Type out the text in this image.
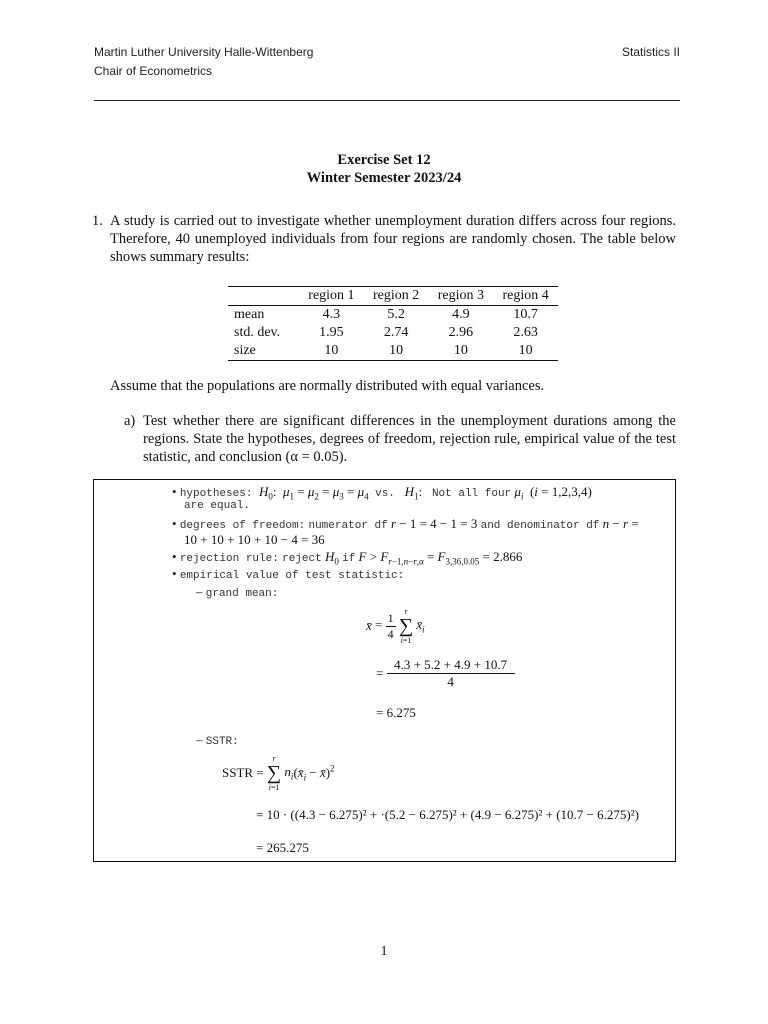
Martin Luther University Halle-Wittenberg
Chair of Econometrics
Statistics II
Exercise Set 12
Winter Semester 2023/24
1. A study is carried out to investigate whether unemployment duration differs across four regions. Therefore, 40 unemployed individuals from four regions are randomly chosen. The table below shows summary results:
	region 1	region 2	region 3	region 4
mean	4.3	5.2	4.9	10.7
std. dev.	1.95	2.74	2.96	2.63
size	10	10	10	10
Assume that the populations are normally distributed with equal variances.
a) Test whether there are significant differences in the unemployment durations among the regions. State the hypotheses, degrees of freedom, rejection rule, empirical value of the test statistic, and conclusion (α = 0.05).
• hypotheses: $H_0$:  $\mu_1 = \mu_2 = \mu_3 = \mu_4$ vs. $H_1$:   Not all four $\mu_i$  (i = 1,2,3,4)
are equal.
• degrees of freedom: numerator df r − 1 = 4 − 1 = 3 and denominator df n − r =
10 + 10 + 10 + 10 − 4 = 36
• rejection rule: reject $H_0$ if $F > F_{r-1,n-r,\alpha} = F_{3,36,0.05} = 2.866$
• empirical value of test statistic:
– grand mean:
x̄̄ = $\frac{1}{4}$
	r
∑
i=1
$x̄_i$
= $\frac{4.3 + 5.2 + 4.9 + 10.7}{4}$
= 6.275
– SSTR:
SSTR =
r
∑
i=1
$n_i(x̄_i$ − x̄̄)$^2$
= 10 · ((4.3 − 6.275)² + ·(5.2 − 6.275)² + (4.9 − 6.275)² + (10.7 − 6.275)²)
= 265.275
1
